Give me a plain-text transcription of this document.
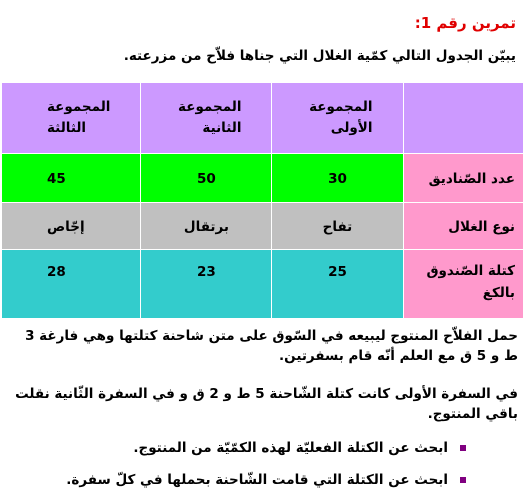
تمرين رقم 1:
يبيّن الجدول التالي كمّية الغلال التي جناها فلاّح من مزرعته.
المجموعة الثالثة	المجموعة الثانية	المجموعة الأولى	

45	50	30	عدد الصّناديق

إجّاص	برتقال	تفاح	نوع الغلال

28	23	25	كتلة الصّندوق بالكغ
حمل الفلاّح المنتوج ليبيعه في السّوق على متن شاحنة كتلتها وهي فارغة 3 ط و 5 ق مع العلم أنّه قام بسفرتين.
في السفرة الأولى كانت كتلة الشّاحنة 5 ط و 2 ق و في السفرة الثّانية نقلت باقي المنتوج.
ابحث عن الكتلة الفعليّة لهذه الكمّيّة من المنتوج.
ابحث عن الكتلة التي قامت الشّاحنة بحملها في كلّ سفرة.
